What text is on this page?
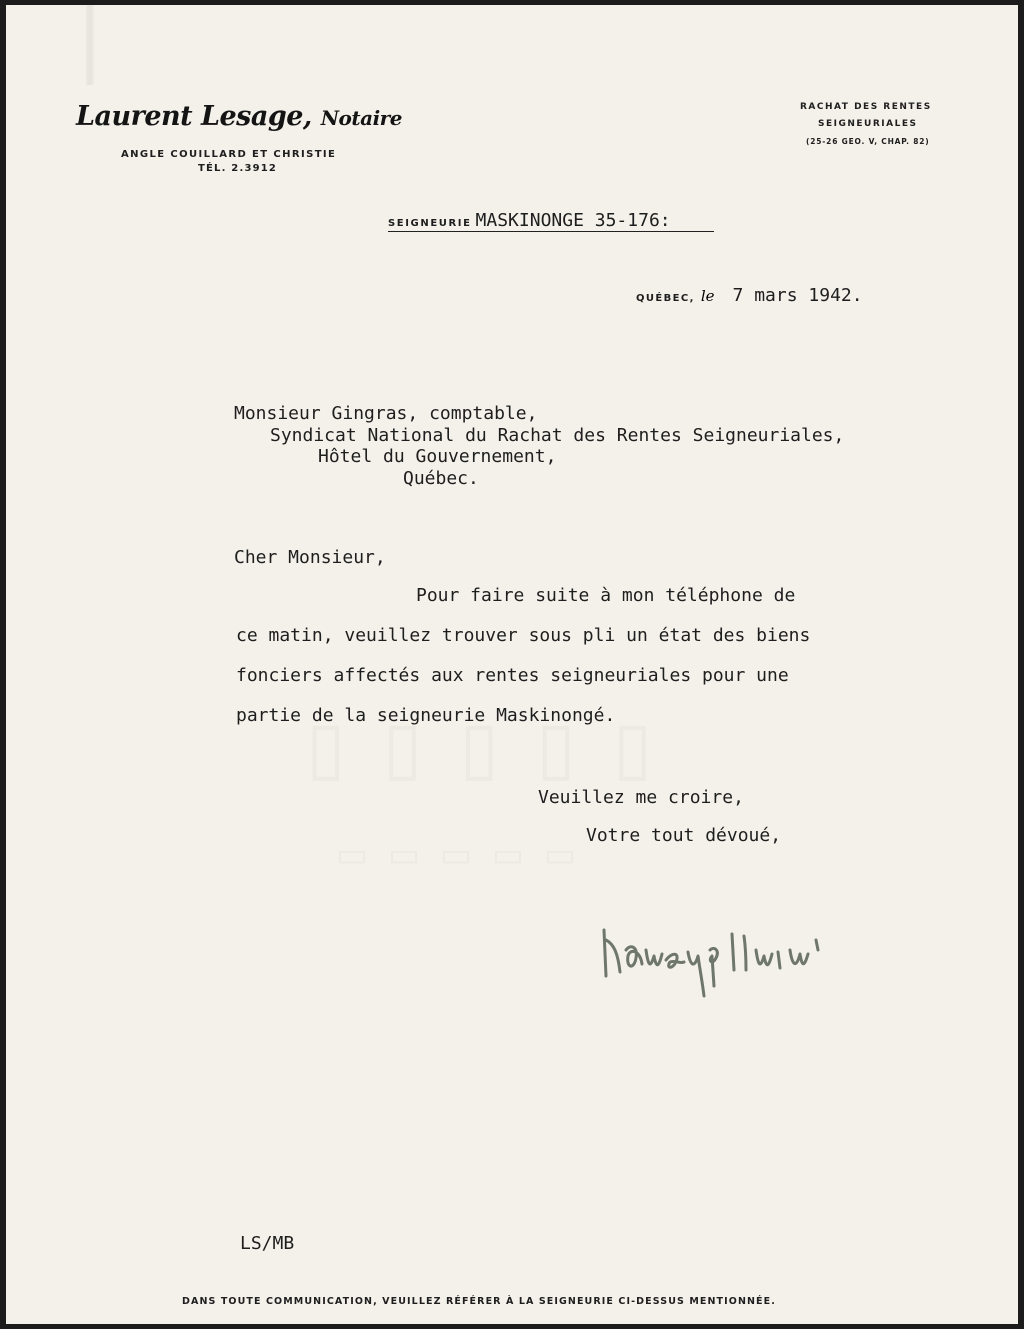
Laurent Lesage, Notaire
ANGLE COUILLARD ET CHRISTIE
TÉL. 2.3912
RACHAT DES RENTES
SEIGNEURIALES
(25-26 GEO. V, CHAP. 82)
SEIGNEURIE MASKINONGE 35-176:
QUÉBEC, le 7 mars 1942.
Monsieur Gingras, comptable,
Syndicat National du Rachat des Rentes Seigneuriales,
Hôtel du Gouvernement,
Québec.
Cher Monsieur,
Pour faire suite à mon téléphone de
ce matin, veuillez trouver sous pli un état des biens
fonciers affectés aux rentes seigneuriales pour une
partie de la seigneurie Maskinongé.
Veuillez me croire,
Votre tout dévoué,
LS/MB
DANS TOUTE COMMUNICATION, VEUILLEZ RÉFÉRER À LA SEIGNEURIE CI-DESSUS MENTIONNÉE.
